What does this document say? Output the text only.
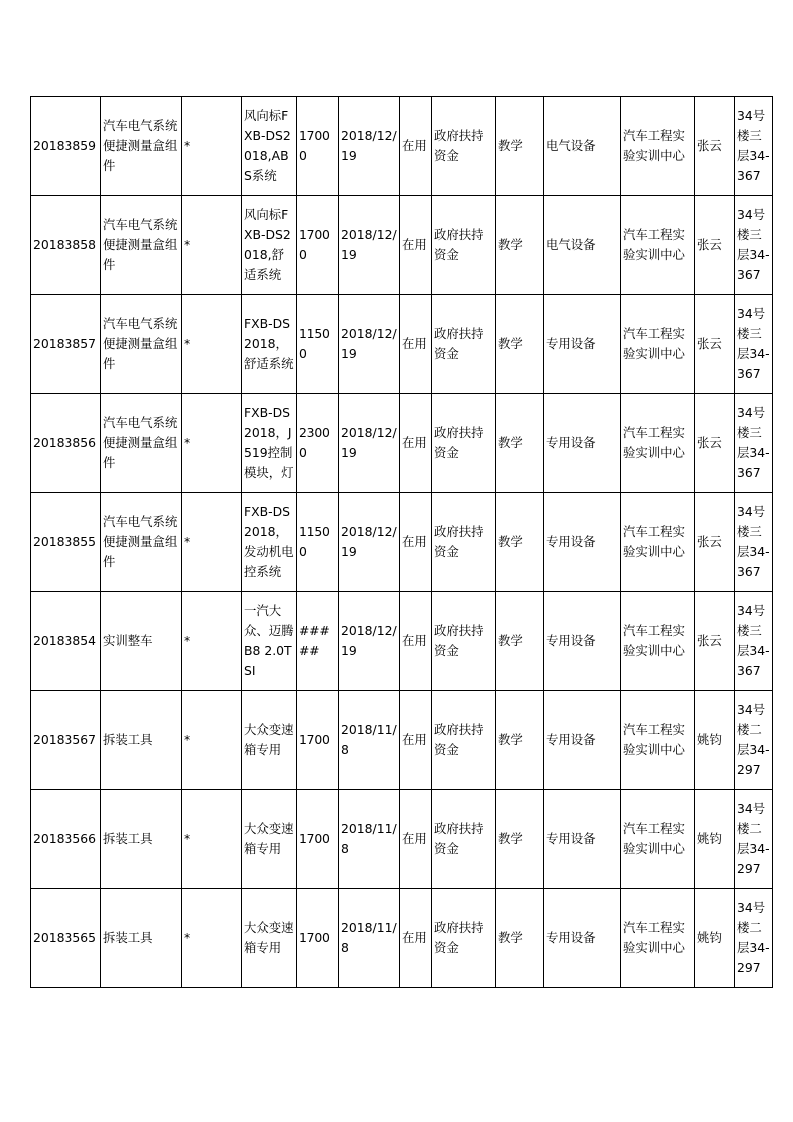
20183859	汽车电气系统便捷测量盒组件	*	风向标FXB-DS2018,ABS系统	17000	2018/12/19	在用	政府扶持资金	教学	电气设备	汽车工程实验实训中心	张云	34号楼三层34-367
20183858	汽车电气系统便捷测量盒组件	*	风向标FXB-DS2018,舒适系统	17000	2018/12/19	在用	政府扶持资金	教学	电气设备	汽车工程实验实训中心	张云	34号楼三层34-367
20183857	汽车电气系统便捷测量盒组件	*	FXB-DS2018，舒适系统	11500	2018/12/19	在用	政府扶持资金	教学	专用设备	汽车工程实验实训中心	张云	34号楼三层34-367
20183856	汽车电气系统便捷测量盒组件	*	FXB-DS2018，J519控制模块，灯	23000	2018/12/19	在用	政府扶持资金	教学	专用设备	汽车工程实验实训中心	张云	34号楼三层34-367
20183855	汽车电气系统便捷测量盒组件	*	FXB-DS2018，发动机电控系统	11500	2018/12/19	在用	政府扶持资金	教学	专用设备	汽车工程实验实训中心	张云	34号楼三层34-367
20183854	实训整车	*	一汽大众、迈腾B8 2.0TSI	#####	2018/12/19	在用	政府扶持资金	教学	专用设备	汽车工程实验实训中心	张云	34号楼三层34-367
20183567	拆装工具	*	大众变速箱专用	1700	2018/11/8	在用	政府扶持资金	教学	专用设备	汽车工程实验实训中心	姚钧	34号楼二层34-297
20183566	拆装工具	*	大众变速箱专用	1700	2018/11/8	在用	政府扶持资金	教学	专用设备	汽车工程实验实训中心	姚钧	34号楼二层34-297
20183565	拆装工具	*	大众变速箱专用	1700	2018/11/8	在用	政府扶持资金	教学	专用设备	汽车工程实验实训中心	姚钧	34号楼二层34-297
